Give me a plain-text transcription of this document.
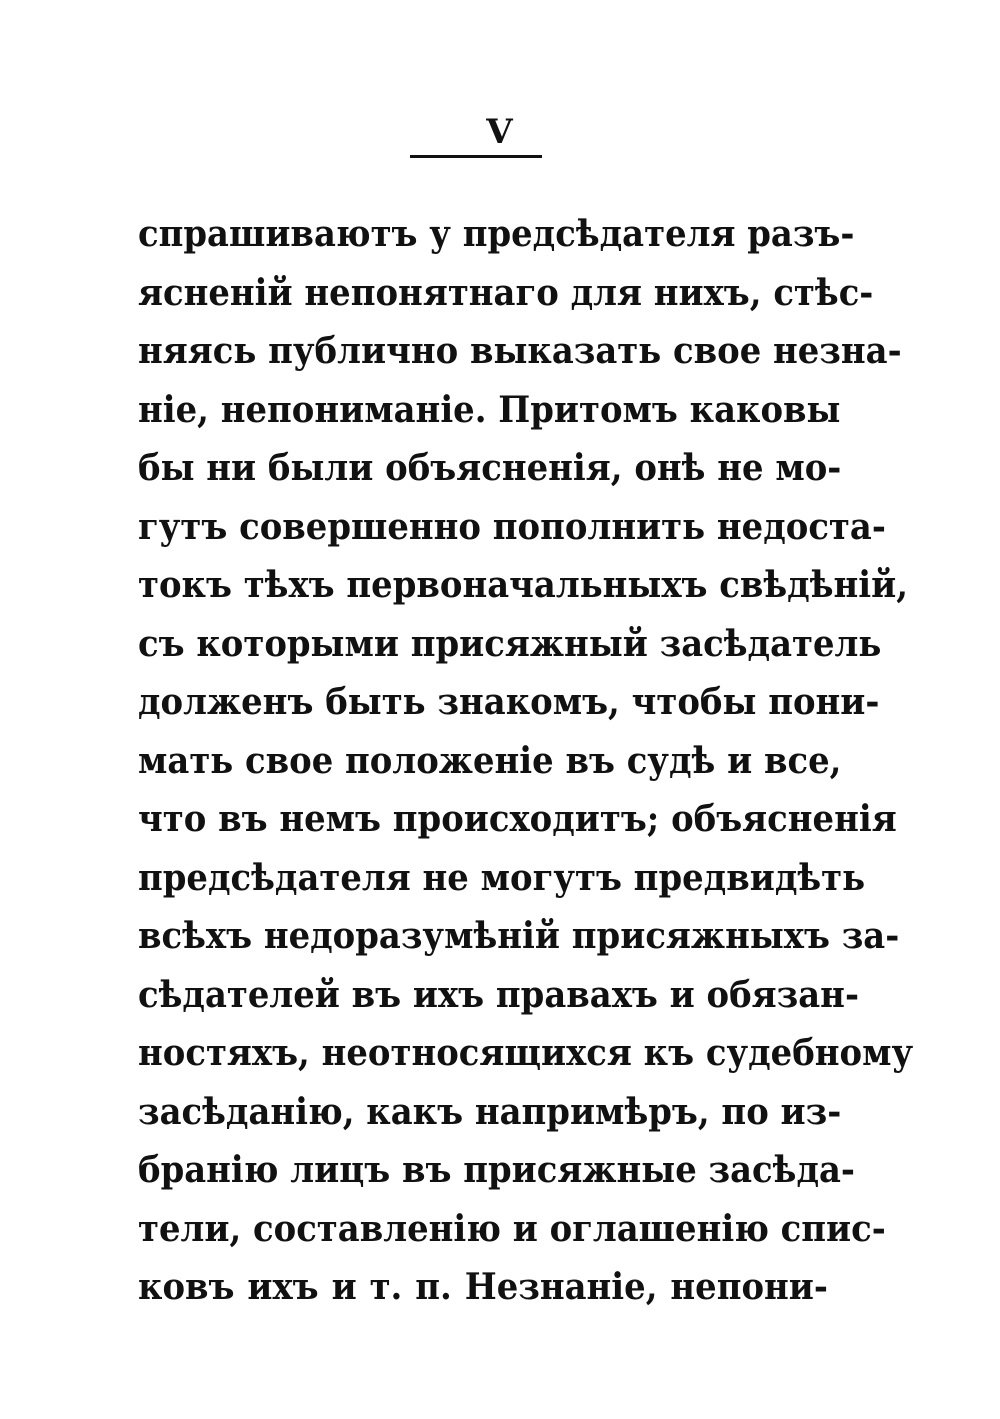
V
спрашиваютъ у предсѣдателя разъ-
ясненій непонятнаго для нихъ, стѣс-
няясь публично выказать свое незна-
ніе, непониманіе. Притомъ каковы
бы ни были объясненія, онѣ не мо-
гутъ совершенно пополнить недоста-
токъ тѣхъ первоначальныхъ свѣдѣній,
съ которыми присяжный засѣдатель
долженъ быть знакомъ, чтобы пони-
мать свое положеніе въ судѣ и все,
что въ немъ происходитъ; объясненія
предсѣдателя не могутъ предвидѣть
всѣхъ недоразумѣній присяжныхъ за-
сѣдателей въ ихъ правахъ и обязан-
ностяхъ, неотносящихся къ судебному
засѣданію, какъ напримѣръ, по из-
бранію лицъ въ присяжные засѣда-
тели, составленію и оглашенію спис-
ковъ ихъ и т. п. Незнаніе, непони-
